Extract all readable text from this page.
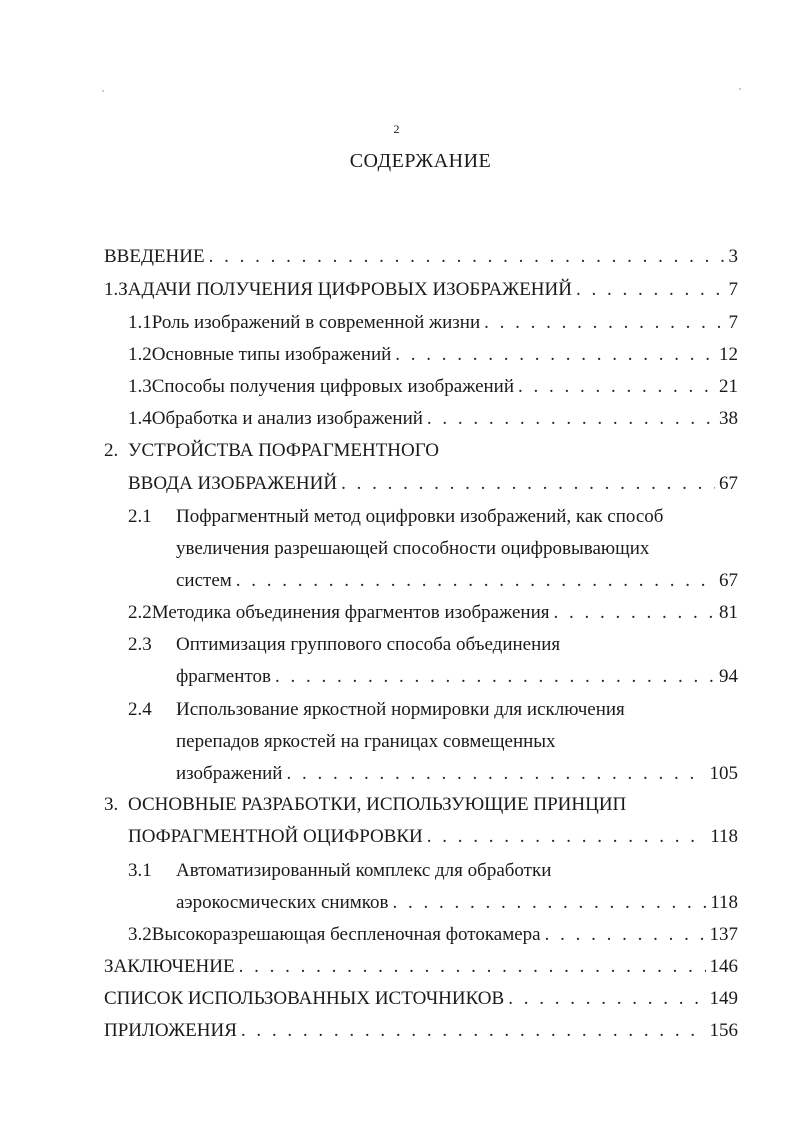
2
СОДЕРЖАНИЕ
ВВЕДЕНИЕ . . .	3
1. ЗАДАЧИ ПОЛУЧЕНИЯ ЦИФРОВЫХ ИЗОБРАЖЕНИЙ . . .	7
1.1 Роль изображений в современной жизни . . .	7
1.2 Основные типы изображений . . .	12
1.3 Способы получения цифровых изображений . . .	21
1.4 Обработка и анализ изображений . . .	38
2. УСТРОЙСТВА ПОФРАГМЕНТНОГО
ВВОДА ИЗОБРАЖЕНИЙ . . .	67
2.1 Пофрагментный метод оцифровки изображений, как способ
увеличения разрешающей способности оцифровывающих
систем . . .	67
2.2 Методика объединения фрагментов изображения . . .	81
2.3 Оптимизация группового способа объединения
фрагментов . . .	94
2.4 Использование яркостной нормировки для исключения
перепадов яркостей на границах совмещенных
изображений . . .	105
3. ОСНОВНЫЕ РАЗРАБОТКИ, ИСПОЛЬЗУЮЩИЕ ПРИНЦИП
ПОФРАГМЕНТНОЙ ОЦИФРОВКИ . . .	118
3.1 Автоматизированный комплекс для обработки
аэрокосмических снимков . . .	118
3.2 Высокоразрешающая беспленочная фотокамера . . .	137
ЗАКЛЮЧЕНИЕ . . .	146
СПИСОК ИСПОЛЬЗОВАННЫХ ИСТОЧНИКОВ . . .	149
ПРИЛОЖЕНИЯ . . .	156
